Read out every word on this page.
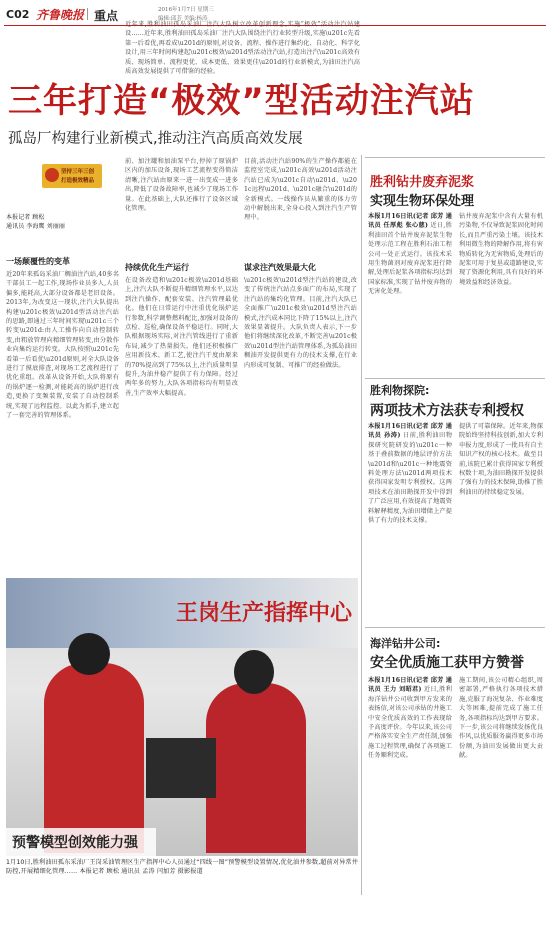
C02 齐鲁晚报 重点	2016年1月7日 星期三
编辑:邱芳 美编:杨涛
三年打造“极效”型活动注汽站
孤岛厂构建行业新模式,推动注汽高质高效发展
近年来,胜利油田孤岛采油厂注汽大队树立改革创新理念,实施“极效”活动注汽站建设……近年来,胜利油田孤岛采油厂注汽大队围绕注汽行业转型升级,实施\u201c先看第一后看优,再看成\u201d的原则,对设备、流程、操作进行集约化、自动化、科学化设计,用三年时间构建起\u201c极效\u201d型活动注汽站,打造出注汽\u201c高效有质、现场简单、流程更优、成本更低、效果更佳\u201d的行业新模式,为油田注汽高质高效发展提供了可借鉴的经验。
坚持三年三创
打造极效精品
本报记者 顾松
通讯员 李海鹰 刘丽丽
一场颠覆性的变革
近20年来孤岛采油厂稠油注汽站,40多名干部员工一起工作,现场作业员多人,人员偏多,能耗高,大部分设备都是老旧设备。2013年,为改变这一现状,注汽大队提出构建\u201c极效\u201d型活动注汽站的思路,即通过三年时间实现\u201c三个转变\u201d:由人工操作向自动控制转变,由粗放管理向精细管理转变,由分散作业向集约运行转变。大队按照\u201c先看第一后看优\u201d原则,对全大队设备进行了摸底排查,对现场工艺流程进行了优化重组。改革从设备开始,大队将原有的锅炉逐一检测,对能耗高的锅炉进行改造,更换了变频装置,安装了自动控制系统,实现了远程监控。以此为抓手,建立起了一套完善的管理体系。
前、加注罐和加油泵平台,停掉了原锅炉区内的加压设备,现场工艺流程变得简洁清晰,注汽站由原来一进一出变成一进多出,降低了设备故障率,也减少了现场工作量。在此基础上,大队还推行了设备区域化管理。
持续优化生产运行
在设备改造和\u201c极效\u201d基础上,注汽大队不断提升精细管理水平,以达到注汽操作、配套安装、注汽管理最优化。他们在日常运行中注重优化锅炉运行参数,科学调整燃料配比,加强对设备的点检、巡检,确保设备平稳运行。同时,大队根据现场实际,对注汽管线进行了重新布局,减少了热量损失。他们还积极推广应用新技术、新工艺,使注汽干度由原来的70%提高到了75%以上,注汽质量明显提升,为油井稳产提供了有力保障。经过两年多的努力,大队各项指标均有明显改善,生产效率大幅提高。
目前,活动注汽站90%的生产操作都能在监控室完成,\u201c高效\u201d活动注汽站已成为\u201c自动\u201d、\u201c远程\u201d、\u201c融合\u201d的全新模式。一线操作员从繁重的体力劳动中解脱出来,全身心投入到注汽生产管理中。
谋求注汽效果最大化
\u201c极效\u201d型注汽站的建设,改变了传统注汽站点多面广的布局,实现了注汽站的集约化管理。目前,注汽大队已全面推广\u201c极效\u201d型注汽站模式,注汽成本同比下降了15%以上,注汽效果显著提升。大队负责人表示,下一步他们将继续深化改革,不断完善\u201c极效\u201d型注汽站管理体系,为孤岛油田稠油开发提供更有力的技术支撑,在行业内形成可复制、可推广的经验做法。
王岗生产指挥中心
预警模型创效能力强
1月10日,胜利油田孤东采油厂王岗采油管理区生产指挥中心人员通过“四线一图”预警模型设置情况,优化油井参数,超前对异常井防控,开展精细化管理…… 本报记者 顾松 通讯员 孟涛 闫加芳 摄影报道
胜利钻井废弃泥浆
实现生物环保处理
本报1月16日讯(记者 邱芳 通讯员 任厚彪 张心慈) 近日,胜利油田首个钻井废弃泥浆生物处理示范工程在胜利石油工程公司一处正式运行。该技术采用生物菌剂对废弃泥浆进行降解,处理后泥浆各项指标均达到国家标准,实现了钻井废弃物的无害化处理。
钻井废弃泥浆中含有大量有机污染物,不仅导致泥浆固化时间长,而且严重污染土壤。该技术利用微生物的降解作用,将有害物质转化为无害物质,处理后的泥浆可用于复垦或道路建设,实现了资源化利用,具有良好的环境效益和经济效益。
胜利物探院:
两项技术方法获专利授权
本报1月16日讯(记者 邱芳 通讯员 孙涛) 日前,胜利油田物探研究院研发的\u201c一种基于叠前数据的地层评价方法\u201d和\u201c一种地震资料处理方法\u201d两项技术获得国家发明专利授权。这两项技术在油田勘探开发中得到了广泛应用,有效提高了地震资料解释精度,为油田增储上产提供了有力的技术支撑。
提供了可靠保障。近年来,物探院始终坚持科技创新,加大专利申报力度,形成了一批具有自主知识产权的核心技术。截至目前,该院已累计获得国家专利授权数十项,为油田勘探开发提供了强有力的技术保障,助推了胜利油田的持续稳定发展。
海洋钻井公司:
安全优质施工获甲方赞誉
本报1月16日讯(记者 邱芳 通讯员 王力 刘昭君) 近日,胜利海洋钻井公司收到甲方发来的表扬信,对该公司承钻的井施工中安全优质高效的工作表现给予高度评价。今年以来,该公司严格落实安全生产责任制,加强施工过程管理,确保了各项施工任务顺利完成。
施工期间,该公司精心组织,周密部署,严格执行各项技术措施,克服了海况复杂、作业难度大等困难,提前完成了施工任务,各项指标均达到甲方要求。下一步,该公司将继续发扬优良作风,以优质服务赢得更多市场份额,为油田发展做出更大贡献。
